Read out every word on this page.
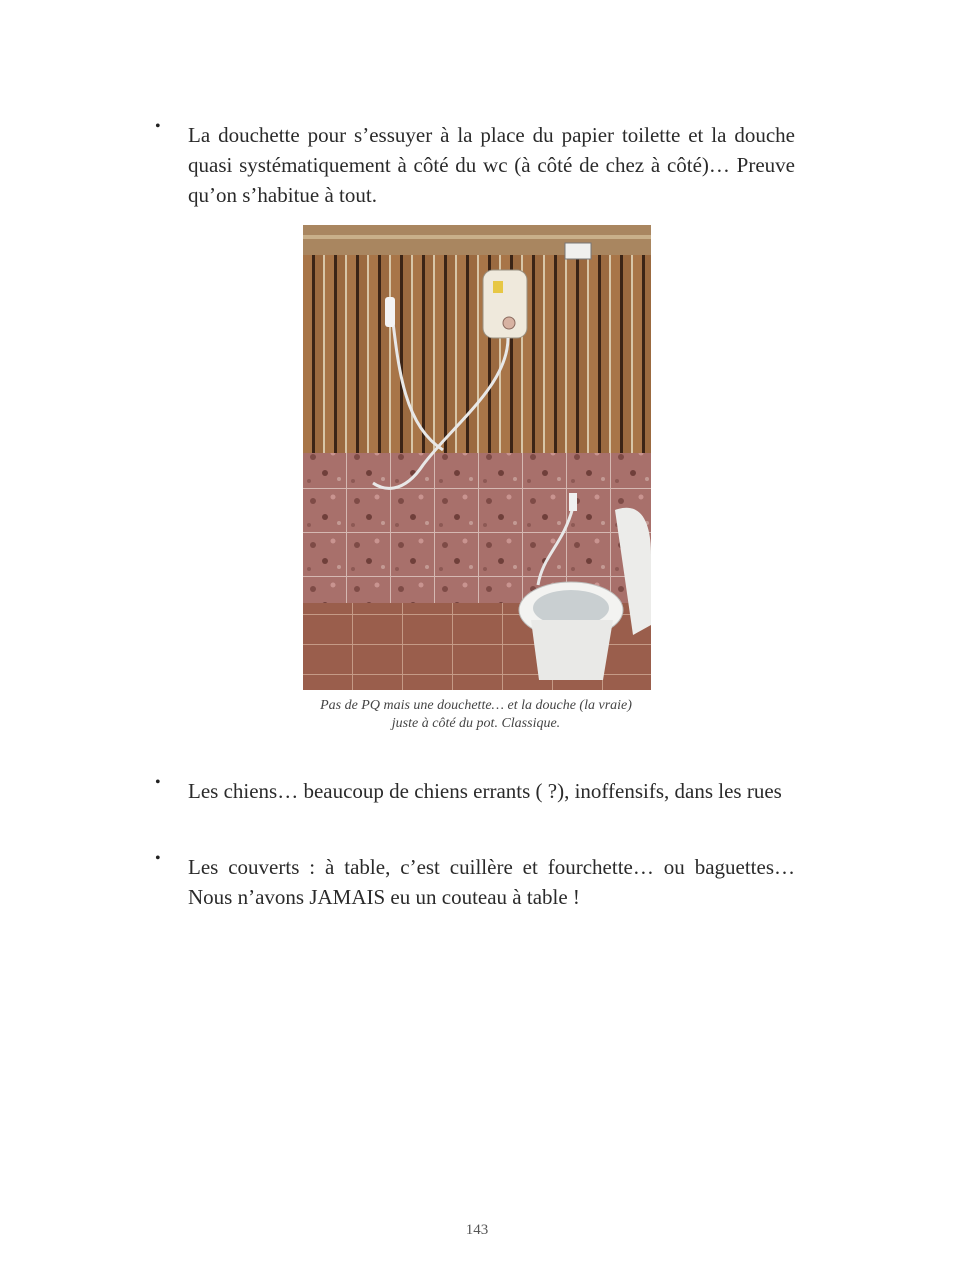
• La douchette pour s’essuyer à la place du papier toilette et la douche quasi systématiquement à côté du wc (à côté de chez à côté)… Preuve qu’on s’habitue à tout.
Pas de PQ mais une douchette… et la douche (la vraie)
juste à côté du pot. Classique.
• Les chiens… beaucoup de chiens errants ( ?), inoffensifs, dans les rues
• Les couverts : à table, c’est cuillère et fourchette… ou baguettes… Nous n’avons JAMAIS eu un couteau à table !
143
